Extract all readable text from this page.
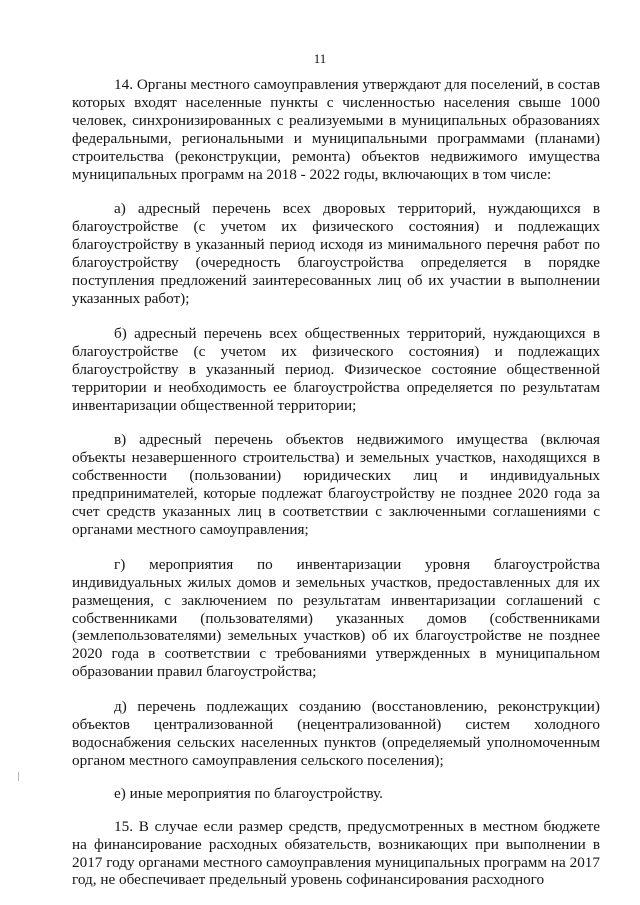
11

14. Органы местного самоуправления утверждают для поселений, в состав которых входят населенные пункты с численностью населения свыше 1000 человек, синхронизированных с реализуемыми в муниципальных образованиях федеральными, региональными и муниципальными программами (планами) строительства (реконструкции, ремонта) объектов недвижимого имущества муниципальных программ на 2018 - 2022 годы, включающих в том числе:

а) адресный перечень всех дворовых территорий, нуждающихся в благоустройстве (с учетом их физического состояния) и подлежащих благоустройству в указанный период исходя из минимального перечня работ по благоустройству (очередность благоустройства определяется в порядке поступления предложений заинтересованных лиц об их участии в выполнении указанных работ);

б) адресный перечень всех общественных территорий, нуждающихся в благоустройстве (с учетом их физического состояния) и подлежащих благоустройству в указанный период. Физическое состояние общественной территории и необходимость ее благоустройства определяется по результатам инвентаризации общественной территории;

в) адресный перечень объектов недвижимого имущества (включая объекты незавершенного строительства) и земельных участков, находящихся в собственности (пользовании) юридических лиц и индивидуальных предпринимателей, которые подлежат благоустройству не позднее 2020 года за счет средств указанных лиц в соответствии с заключенными соглашениями с органами местного самоуправления;

г) мероприятия по инвентаризации уровня благоустройства индивидуальных жилых домов и земельных участков, предоставленных для их размещения, с заключением по результатам инвентаризации соглашений с собственниками (пользователями) указанных домов (собственниками (землепользователями) земельных участков) об их благоустройстве не позднее 2020 года в соответствии с требованиями утвержденных в муниципальном образовании правил благоустройства;

д) перечень подлежащих созданию (восстановлению, реконструкции) объектов централизованной (нецентрализованной) систем холодного водоснабжения сельских населенных пунктов (определяемый уполномоченным органом местного самоуправления сельского поселения);

е) иные мероприятия по благоустройству.

15. В случае если размер средств, предусмотренных в местном бюджете на финансирование расходных обязательств, возникающих при выполнении в 2017 году органами местного самоуправления муниципальных программ на 2017 год, не обеспечивает предельный уровень софинансирования расходного
